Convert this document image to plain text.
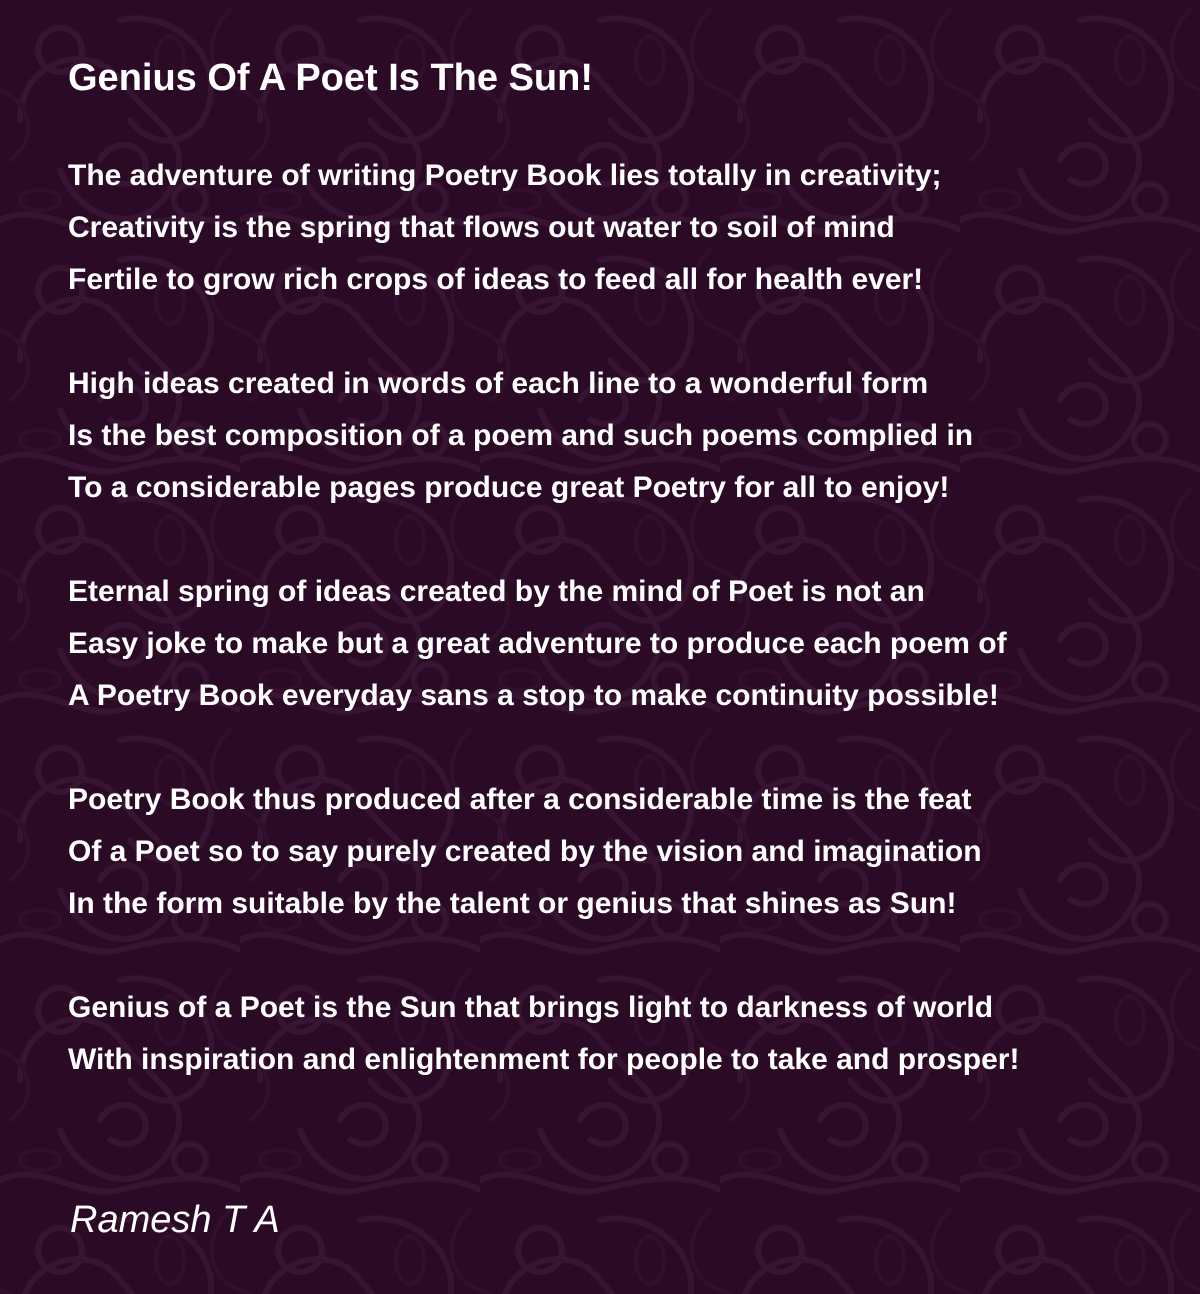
Genius Of A Poet Is The Sun!
The adventure of writing Poetry Book lies totally in creativity;
Creativity is the spring that flows out water to soil of mind
Fertile to grow rich crops of ideas to feed all for health ever!
High ideas created in words of each line to a wonderful form
Is the best composition of a poem and such poems complied in
To a considerable pages produce great Poetry for all to enjoy!
Eternal spring of ideas created by the mind of Poet is not an
Easy joke to make but a great adventure to produce each poem of
A Poetry Book everyday sans a stop to make continuity possible!
Poetry Book thus produced after a considerable time is the feat
Of a Poet so to say purely created by the vision and imagination
In the form suitable by the talent or genius that shines as Sun!
Genius of a Poet is the Sun that brings light to darkness of world
With inspiration and enlightenment for people to take and prosper!
Ramesh T A
